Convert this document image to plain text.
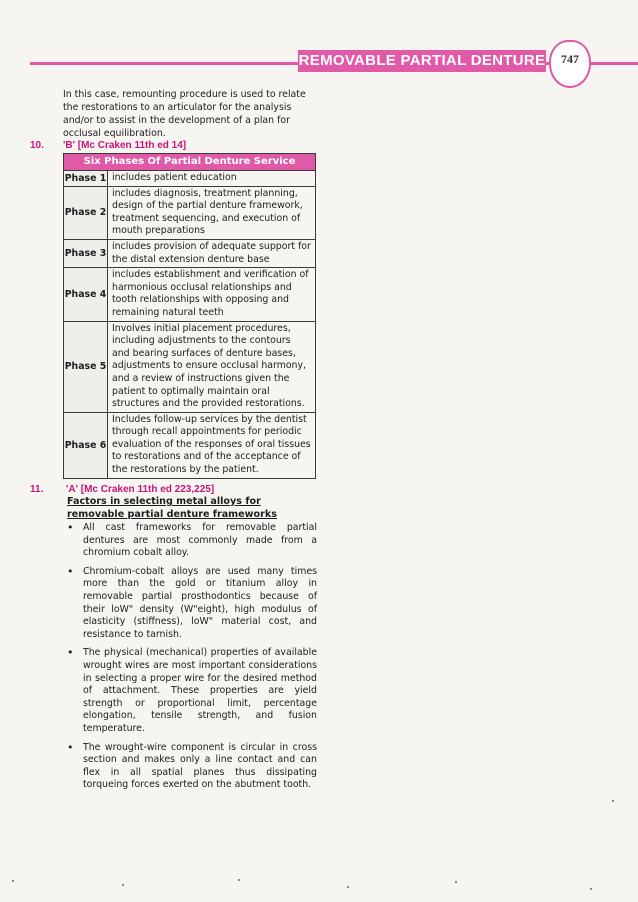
REMOVABLE PARTIAL DENTURE	747
In this case, remounting procedure is used to relate the restorations to an articulator for the analysis and/or to assist in the development of a plan for occlusal equilibration.
10. 'B' [Mc Craken 11th ed 14]
Six Phases Of Partial Denture Service
Phase 1 includes patient education
Phase 2
includes diagnosis, treatment planning, design of the partial denture framework, treatment sequencing, and execution of mouth preparations
Phase 3
includes provision of adequate support for the distal extension denture base
Phase 4
includes establishment and verification of harmonious occlusal relationships and tooth relationships with opposing and remaining natural teeth
Phase 5
Involves initial placement procedures, including adjustments to the contours and bearing surfaces of denture bases, adjustments to ensure occlusal harmony, and a review of instructions given the patient to optimally maintain oral structures and the provided restorations.
Phase 6
Includes follow-up services by the dentist through recall appointments for periodic evaluation of the responses of oral tissues to restorations and of the acceptance of the restorations by the patient.
11. 'A' [Mc Craken 11th ed 223,225]
Factors in selecting metal alloys for removable partial denture frameworks
• All cast frameworks for removable partial dentures are most commonly made from a chromium cobalt alloy.
• Chromium-cobalt alloys are used many times more than the gold or titanium alloy in removable partial prosthodontics because of their loW" density (W"eight), high modulus of elasticity (stiffness), loW" material cost, and resistance to tarnish.
• The physical (mechanical) properties of available wrought wires are most important considerations in selecting a proper wire for the desired method of attachment. These properties are yield strength or proportional limit, percentage elongation, tensile strength, and fusion temperature.
• The wrought-wire component is circular in cross section and makes only a line contact and can flex in all spatial planes thus dissipating torqueing forces exerted on the abutment tooth.
